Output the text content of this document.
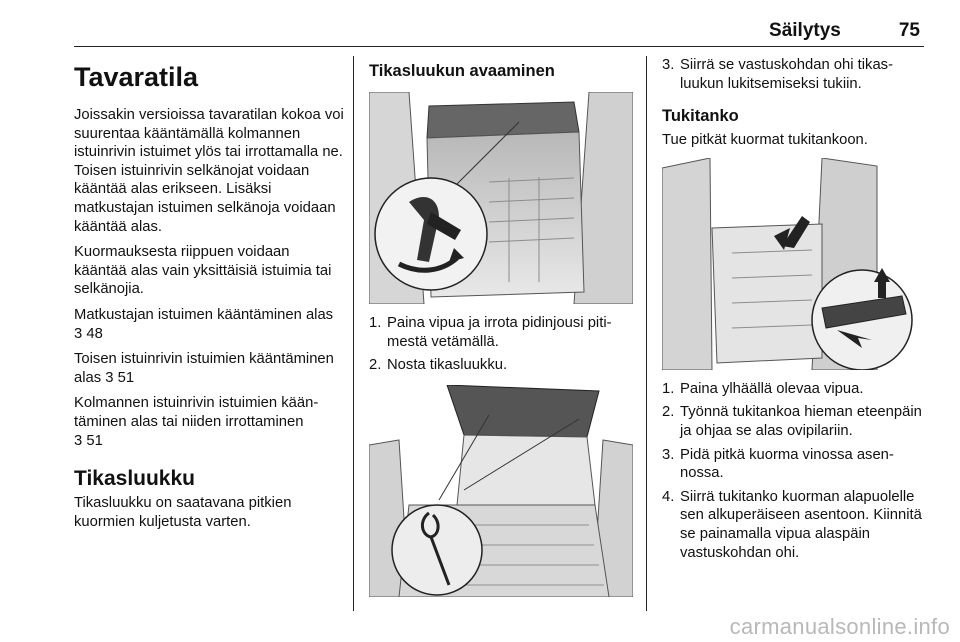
Säilytys	75
Tavaratila

Joissakin versioissa tavaratilan kokoa voi suurentaa kääntämällä kolmannen istuinrivin istuimet ylös tai irrottamalla ne. Toisen istuinrivin selkänojat voidaan kääntää alas erikseen. Lisäksi matkustajan istuimen selkänoja voidaan kääntää alas.

Kuormauksesta riippuen voidaan kääntää alas vain yksittäisiä istuimia tai selkänojia.

Matkustajan istuimen kääntäminen alas 3 48

Toisen istuinrivin istuimien kääntäminen alas 3 51

Kolmannen istuinrivin istuimien kääntäminen alas tai niiden irrottaminen
3 51

Tikasluukku

Tikasluukku on saatavana pitkien kuormien kuljetusta varten.

Tikasluukun avaaminen
1. Paina vipua ja irrota pidinjousi pitimestä vetämällä.
2. Nosta tikasluukku.
3. Siirrä se vastuskohdan ohi tikasluukun lukitsemiseksi tukiin.
Tukitanko

Tue pitkät kuormat tukitankoon.

1. Paina ylhäällä olevaa vipua.
2. Työnnä tukitankoa hieman eteenpäin ja ohjaa se alas ovipilariin.
3. Pidä pitkä kuorma vinossa asennossa.
4. Siirrä tukitanko kuorman alapuolelle sen alkuperäiseen asentoon. Kiinnitä se painamalla vipua alaspäin vastuskohdan ohi.
carmanualsonline.info
